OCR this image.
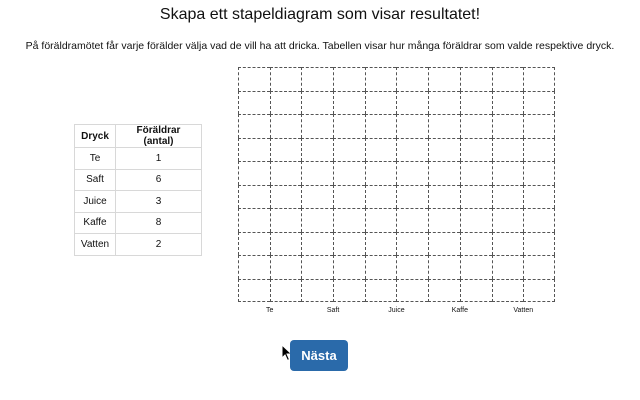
Skapa ett stapeldiagram som visar resultatet!
På föräldramötet får varje förälder välja vad de vill ha att dricka. Tabellen visar hur många föräldrar som valde respektive dryck.
Dryck	Föräldrar (antal)
Te	1
Saft	6
Juice	3
Kaffe	8
Vatten	2
Te	Saft	Juice	Kaffe	Vatten
Nästa
